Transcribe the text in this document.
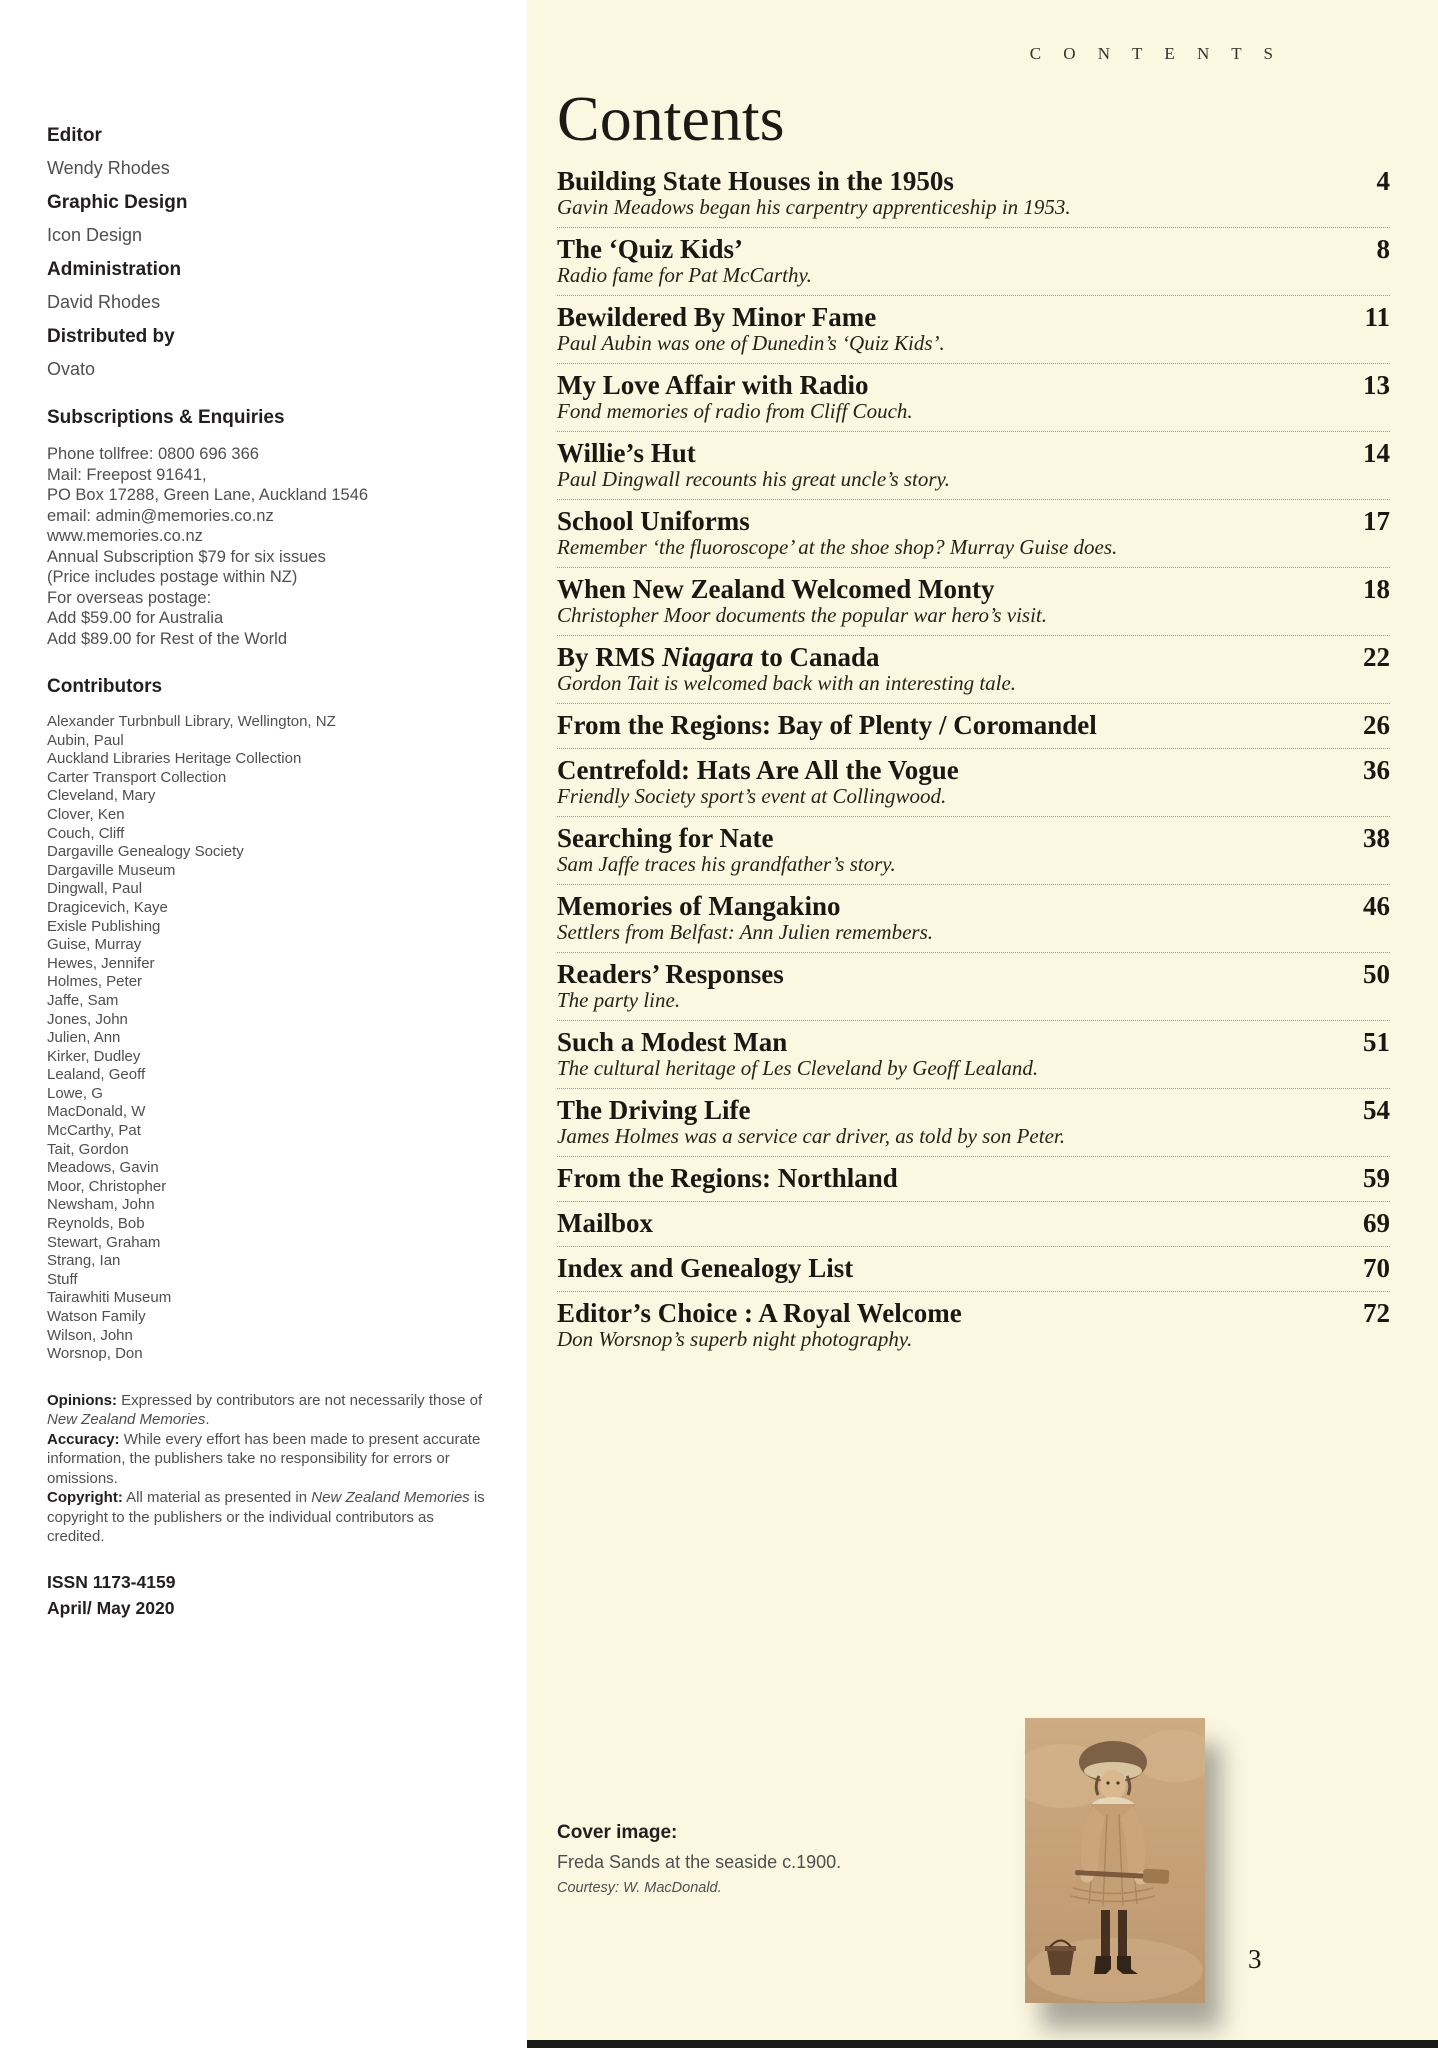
Editor
Wendy Rhodes
Graphic Design
Icon Design
Administration
David Rhodes
Distributed by
Ovato
Subscriptions & Enquiries
Phone tollfree: 0800 696 366
Mail: Freepost 91641,
PO Box 17288, Green Lane, Auckland 1546
email: admin@memories.co.nz
www.memories.co.nz
Annual Subscription $79 for six issues
(Price includes postage within NZ)
For overseas postage:
Add $59.00 for Australia
Add $89.00 for Rest of the World
Contributors
Alexander Turbnbull Library, Wellington, NZ
Aubin, Paul
Auckland Libraries Heritage Collection
Carter Transport Collection
Cleveland, Mary
Clover, Ken
Couch, Cliff
Dargaville Genealogy Society
Dargaville Museum
Dingwall, Paul
Dragicevich, Kaye
Exisle Publishing
Guise, Murray
Hewes, Jennifer
Holmes, Peter
Jaffe, Sam
Jones, John
Julien, Ann
Kirker, Dudley
Lealand, Geoff
Lowe, G
MacDonald, W
McCarthy, Pat
Tait, Gordon
Meadows, Gavin
Moor, Christopher
Newsham, John
Reynolds, Bob
Stewart, Graham
Strang, Ian
Stuff
Tairawhiti Museum
Watson Family
Wilson, John
Worsnop, Don

Opinions: Expressed by contributors are not necessarily those of New Zealand Memories.

Accuracy: While every effort has been made to present accurate information, the publishers take no responsibility for errors or omissions.

Copyright: All material as presented in New Zealand Memories is copyright to the publishers or the individual contributors as credited.

ISSN 1173-4159
April/ May 2020
C O N T E N T S
Contents
Building State Houses in the 1950s	4
Gavin Meadows began his carpentry apprenticeship in 1953.
The ‘Quiz Kids’	8
Radio fame for Pat McCarthy.
Bewildered By Minor Fame	11
Paul Aubin was one of Dunedin’s ‘Quiz Kids’.
My Love Affair with Radio	13
Fond memories of radio from Cliff Couch.
Willie’s Hut	14
Paul Dingwall recounts his great uncle’s story.
School Uniforms	17
Remember ‘the fluoroscope’ at the shoe shop? Murray Guise does.
When New Zealand Welcomed Monty	18
Christopher Moor documents the popular war hero’s visit.
By RMS Niagara to Canada	22
Gordon Tait is welcomed back with an interesting tale.
From the Regions: Bay of Plenty / Coromandel	26
Centrefold: Hats Are All the Vogue	36
Friendly Society sport’s event at Collingwood.
Searching for Nate	38
Sam Jaffe traces his grandfather’s story.
Memories of Mangakino	46
Settlers from Belfast: Ann Julien remembers.
Readers’ Responses	50
The party line.
Such a Modest Man	51
The cultural heritage of Les Cleveland by Geoff Lealand.
The Driving Life	54
James Holmes was a service car driver, as told by son Peter.
From the Regions: Northland	59
Mailbox	69
Index and Genealogy List	70
Editor’s Choice : A Royal Welcome	72
Don Worsnop’s superb night photography.

Cover image:

Freda Sands at the seaside c.1900.

Courtesy: W. MacDonald.

3
